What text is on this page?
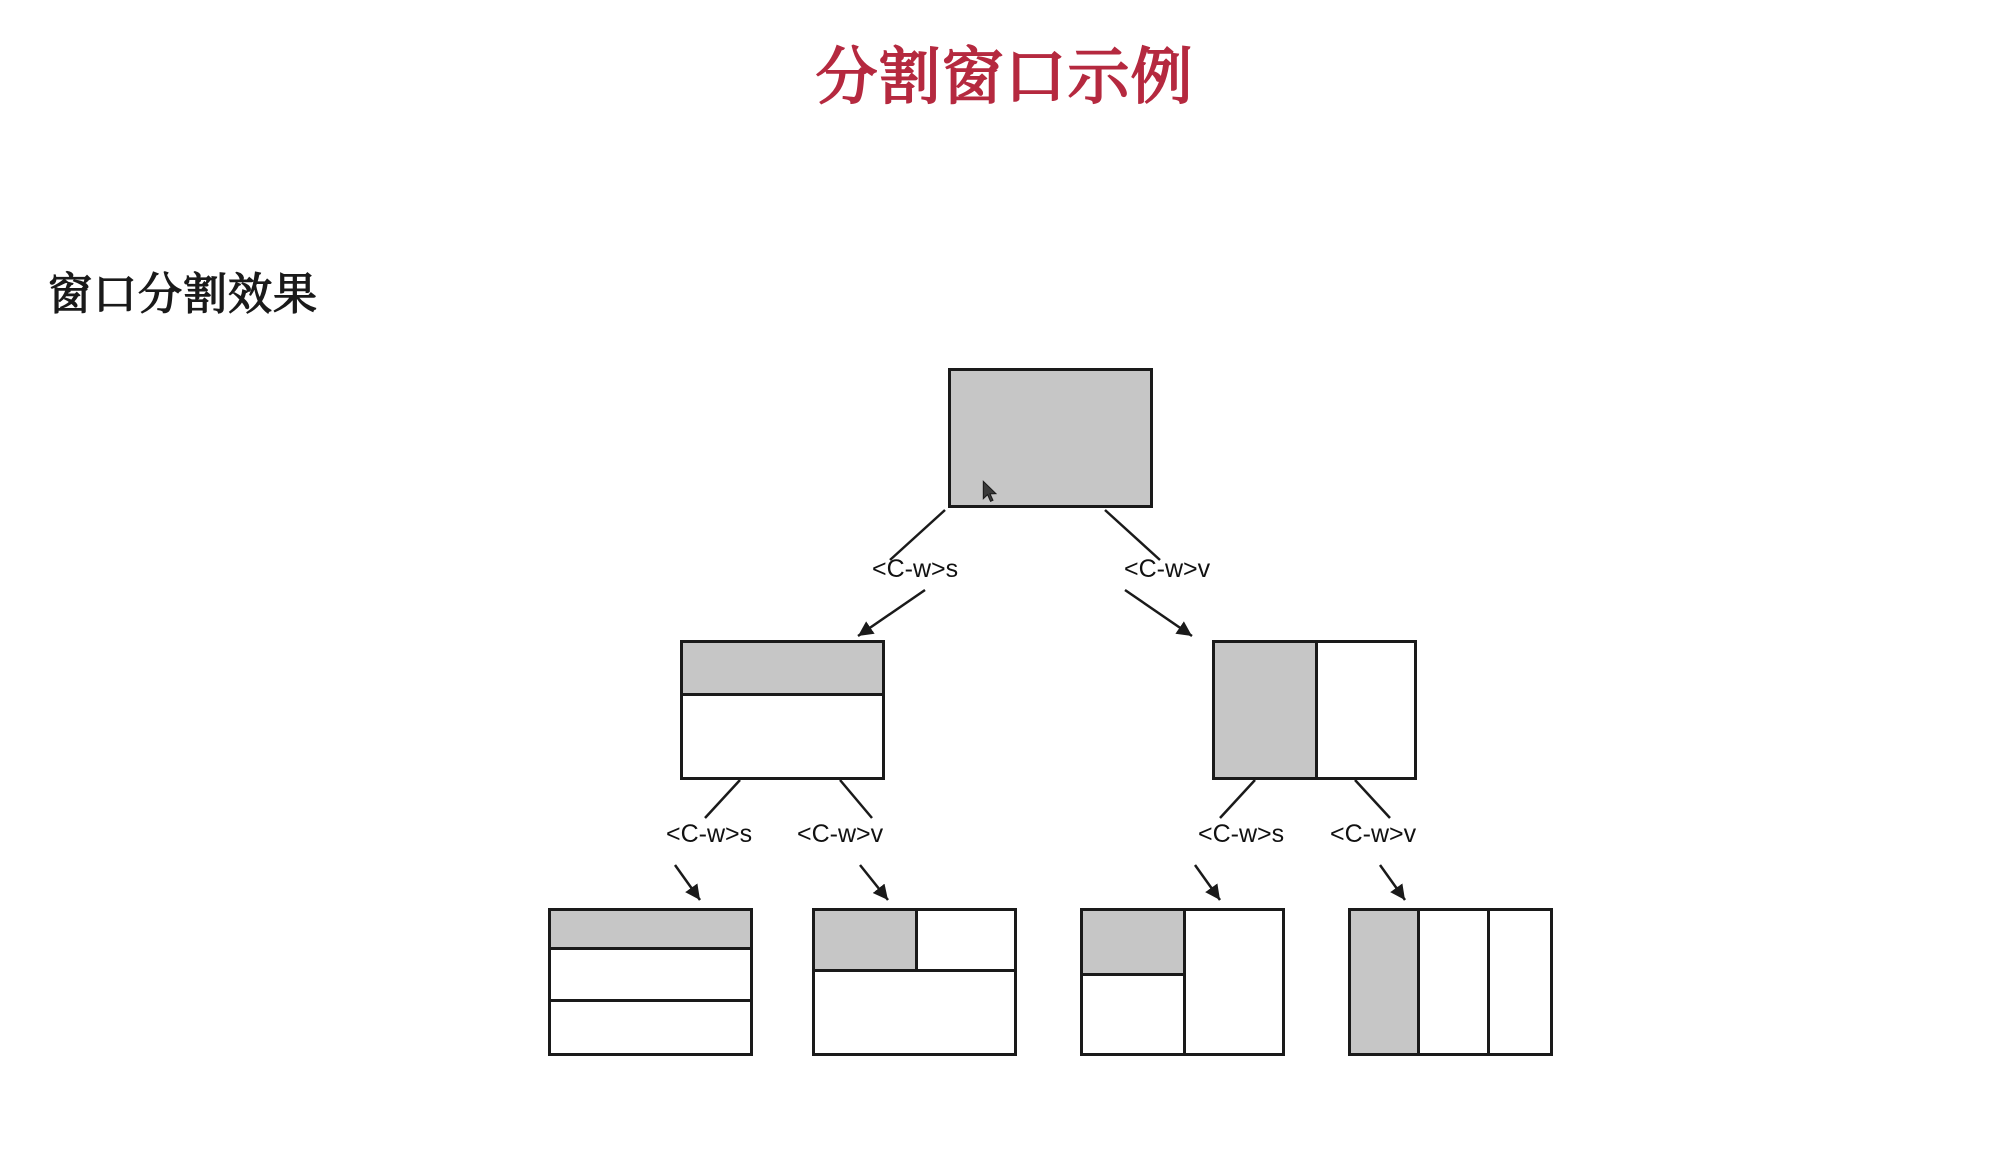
分割窗口示例
窗口分割效果
<C-w>s	<C-w>v
<C-w>s <C-w>v	<C-w>s <C-w>v
